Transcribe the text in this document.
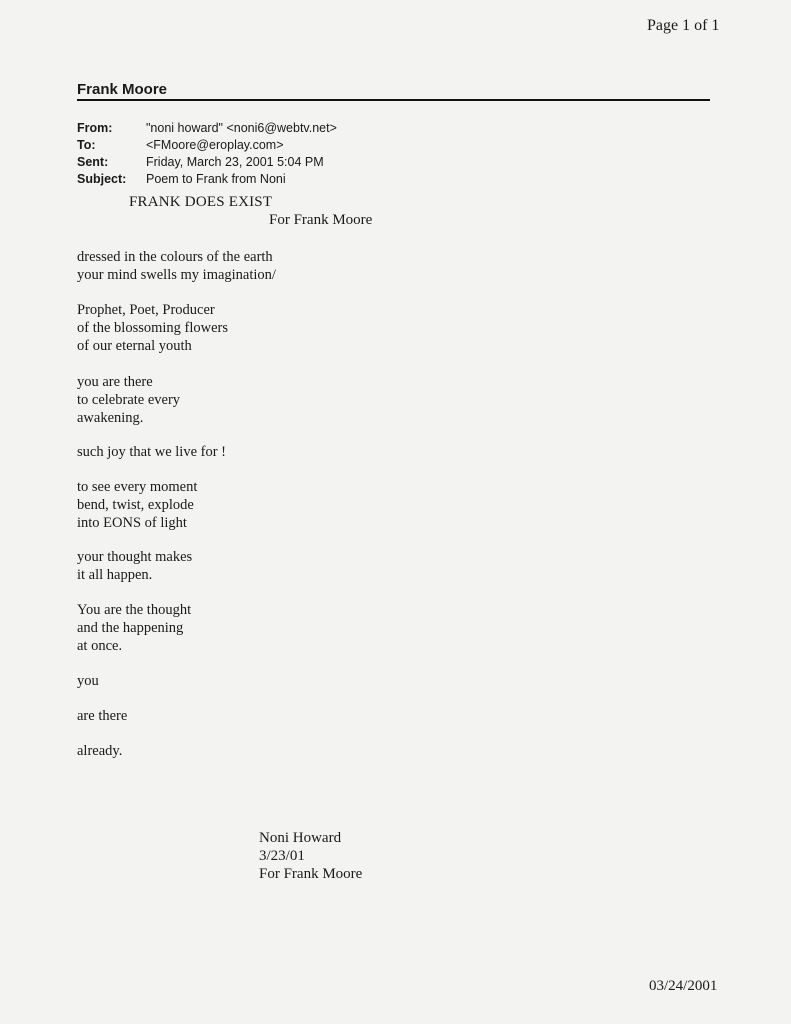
Page 1 of 1
Frank Moore
From:	"noni howard" <noni6@webtv.net>
To:	<FMoore@eroplay.com>
Sent:	Friday, March 23, 2001 5:04 PM
Subject: Poem to Frank from Noni
FRANK DOES EXIST
For Frank Moore
dressed in the colours of the earth
your mind swells my imagination/
Prophet, Poet, Producer
of the blossoming flowers
of our eternal youth
you are there
to celebrate every
awakening.
such joy that we live for !
to see every moment
bend, twist, explode
into EONS of light
your thought makes
it all happen.
You are the thought
and the happening
at once.
you
are there
already.
Noni Howard
3/23/01
For Frank Moore
03/24/2001
